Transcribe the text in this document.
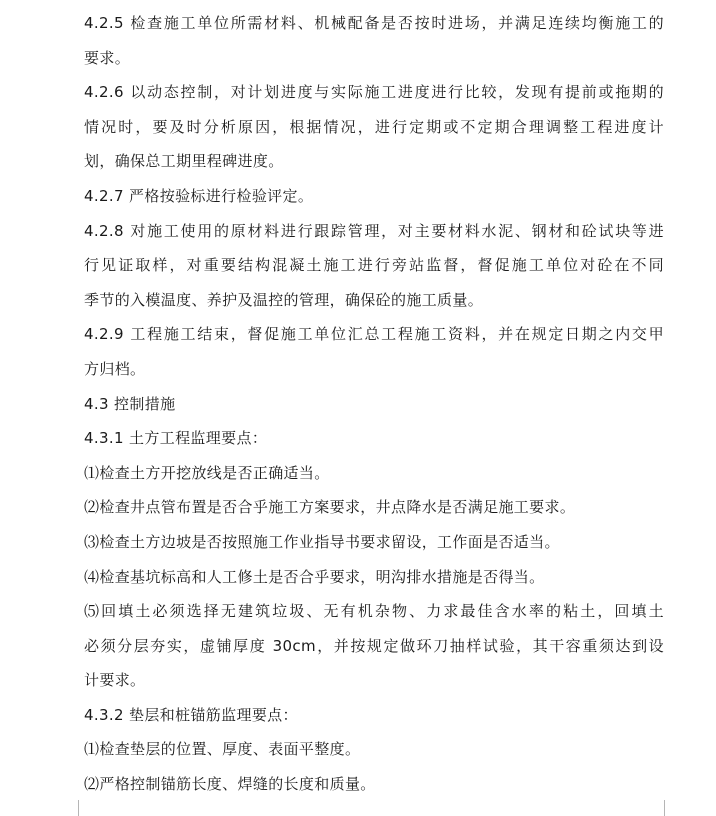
4.2.5 检查施工单位所需材料、机械配备是否按时进场，并满足连续均衡施工的
要求。
4.2.6 以动态控制，对计划进度与实际施工进度进行比较，发现有提前或拖期的
情况时，要及时分析原因，根据情况，进行定期或不定期合理调整工程进度计
划，确保总工期里程碑进度。
4.2.7 严格按验标进行检验评定。
4.2.8 对施工使用的原材料进行跟踪管理，对主要材料水泥、钢材和砼试块等进
行见证取样，对重要结构混凝土施工进行旁站监督，督促施工单位对砼在不同
季节的入模温度、养护及温控的管理，确保砼的施工质量。
4.2.9 工程施工结束，督促施工单位汇总工程施工资料，并在规定日期之内交甲
方归档。
4.3 控制措施
4.3.1 土方工程监理要点：
⑴检查土方开挖放线是否正确适当。
⑵检查井点管布置是否合乎施工方案要求，井点降水是否满足施工要求。
⑶检查土方边坡是否按照施工作业指导书要求留设，工作面是否适当。
⑷检查基坑标高和人工修土是否合乎要求，明沟排水措施是否得当。
⑸回填土必须选择无建筑垃圾、无有机杂物、力求最佳含水率的粘土，回填土
必须分层夯实，虚铺厚度 30cm，并按规定做环刀抽样试验，其干容重须达到设
计要求。
4.3.2 垫层和桩锚筋监理要点：
⑴检查垫层的位置、厚度、表面平整度。
⑵严格控制锚筋长度、焊缝的长度和质量。
